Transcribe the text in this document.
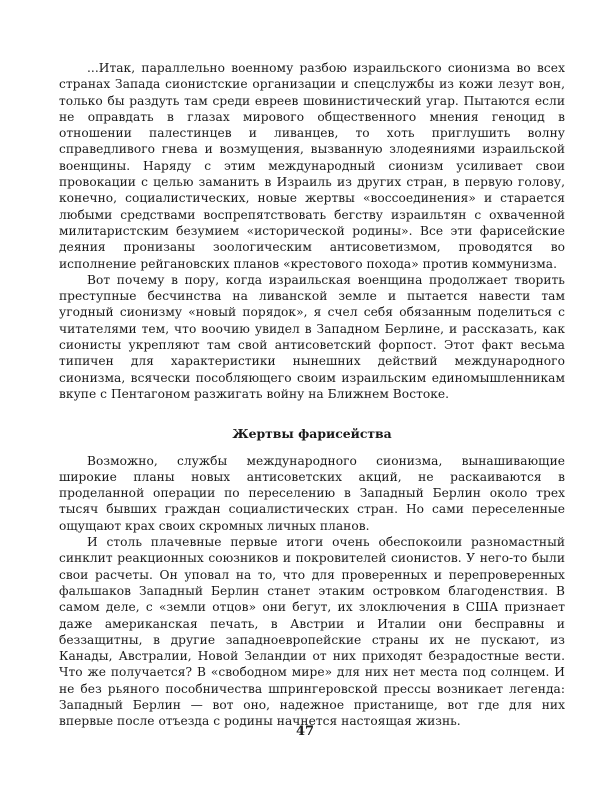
...Итак, параллельно военному разбою израильского сионизма во всех странах Запада сионистские организации и спецслужбы из кожи лезут вон, только бы раздуть там среди евреев шовинистический угар. Пытаются если не оправдать в глазах мирового общественного мнения геноцид в отношении палестинцев и ливанцев, то хоть приглушить волну справедливого гнева и возмущения, вызванную злодеяниями израильской военщины. Наряду с этим международный сионизм усиливает свои провокации с целью заманить в Израиль из других стран, в первую голову, конечно, социалистических, новые жертвы «воссоединения» и старается любыми средствами воспрепятствовать бегству израильтян с охваченной милитаристским безумием «исторической родины». Все эти фарисейские деяния пронизаны зоологическим антисоветизмом, проводятся во исполнение рейгановских планов «крестового похода» против коммунизма.

Вот почему в пору, когда израильская военщина продолжает творить преступные бесчинства на ливанской земле и пытается навести там угодный сионизму «новый порядок», я счел себя обязанным поделиться с читателями тем, что воочию увидел в Западном Берлине, и рассказать, как сионисты укрепляют там свой антисоветский форпост. Этот факт весьма типичен для характеристики нынешних действий международного сионизма, всячески пособляющего своим израильским единомышленникам вкупе с Пентагоном разжигать войну на Ближнем Востоке.

Жертвы фарисейства

Возможно, службы международного сионизма, вынашивающие широкие планы новых антисоветских акций, не раскаиваются в проделанной операции по переселению в Западный Берлин около трех тысяч бывших граждан социалистических стран. Но сами переселенные ощущают крах своих скромных личных планов.

И столь плачевные первые итоги очень обеспокоили разномастный синклит реакционных союзников и покровителей сионистов. У него-то были свои расчеты. Он уповал на то, что для проверенных и перепроверенных фальшаков Западный Берлин станет этаким островком благоденствия. В самом деле, с «земли отцов» они бегут, их злоключения в США признает даже американская печать, в Австрии и Италии они бесправны и беззащитны, в другие западноевропейские страны их не пускают, из Канады, Австралии, Новой Зеландии от них приходят безрадостные вести. Что же получается? В «свободном мире» для них нет места под солнцем. И не без рьяного пособничества шпрингеровской прессы возникает легенда: Западный Берлин — вот оно, надежное пристанище, вот где для них впервые после отъезда с родины начнется настоящая жизнь.

47
